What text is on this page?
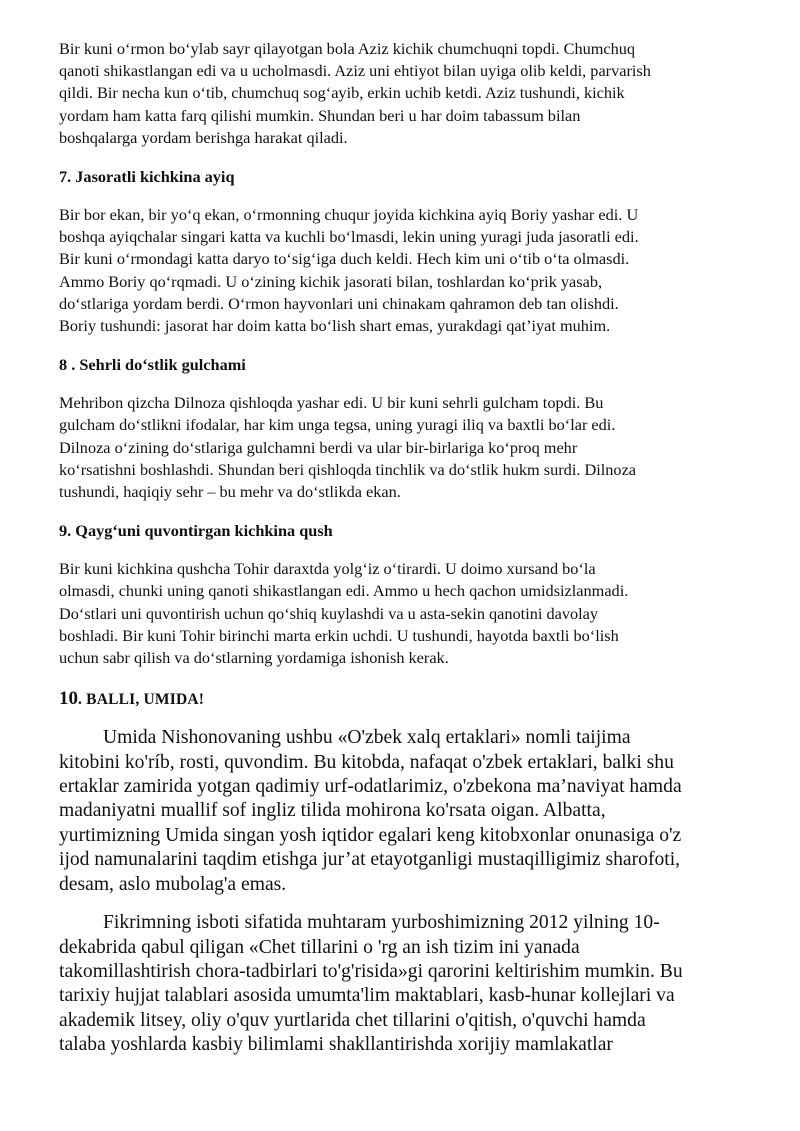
Bir kuni o‘rmon bo‘ylab sayr qilayotgan bola Aziz kichik chumchuqni topdi. Chumchuq
qanoti shikastlangan edi va u ucholmasdi. Aziz uni ehtiyot bilan uyiga olib keldi, parvarish
qildi. Bir necha kun o‘tib, chumchuq sog‘ayib, erkin uchib ketdi. Aziz tushundi, kichik
yordam ham katta farq qilishi mumkin. Shundan beri u har doim tabassum bilan
boshqalarga yordam berishga harakat qiladi.
7. Jasoratli kichkina ayiq
Bir bor ekan, bir yo‘q ekan, o‘rmonning chuqur joyida kichkina ayiq Boriy yashar edi. U
boshqa ayiqchalar singari katta va kuchli bo‘lmasdi, lekin uning yuragi juda jasoratli edi.
Bir kuni o‘rmondagi katta daryo to‘sig‘iga duch keldi. Hech kim uni o‘tib o‘ta olmasdi.
Ammo Boriy qo‘rqmadi. U o‘zining kichik jasorati bilan, toshlardan ko‘prik yasab,
do‘stlariga yordam berdi. O‘rmon hayvonlari uni chinakam qahramon deb tan olishdi.
Boriy tushundi: jasorat har doim katta bo‘lish shart emas, yurakdagi qat’iyat muhim.
8 . Sehrli do‘stlik gulchami
Mehribon qizcha Dilnoza qishloqda yashar edi. U bir kuni sehrli gulcham topdi. Bu
gulcham do‘stlikni ifodalar, har kim unga tegsa, uning yuragi iliq va baxtli bo‘lar edi.
Dilnoza o‘zining do‘stlariga gulchamni berdi va ular bir-birlariga ko‘proq mehr
ko‘rsatishni boshlashdi. Shundan beri qishloqda tinchlik va do‘stlik hukm surdi. Dilnoza
tushundi, haqiqiy sehr – bu mehr va do‘stlikda ekan.
9. Qayg‘uni quvontirgan kichkina qush
Bir kuni kichkina qushcha Tohir daraxtda yolg‘iz o‘tirardi. U doimo xursand bo‘la
olmasdi, chunki uning qanoti shikastlangan edi. Ammo u hech qachon umidsizlanmadi.
Do‘stlari uni quvontirish uchun qo‘shiq kuylashdi va u asta-sekin qanotini davolay
boshladi. Bir kuni Tohir birinchi marta erkin uchdi. U tushundi, hayotda baxtli bo‘lish
uchun sabr qilish va do‘stlarning yordamiga ishonish kerak.
10. BALLI, UMIDA!
Umida Nishonovaning ushbu «O'zbek xalq ertaklari» nomli taijima
kitobini ko'ríb, rosti, quvondim. Bu kitobda, nafaqat o'zbek ertaklari, balki shu
ertaklar zamirida yotgan qadimiy urf-odatlarimiz, o'zbekona ma’naviyat hamda
madaniyatni muallif sof ingliz tilida mohirona ko'rsata oigan. Albatta,
yurtimizning Umida singan yosh iqtidor egalari keng kitobxonlar onunasiga o'z
ijod namunalarini taqdim etishga jur’at etayotganligi mustaqilligimiz sharofoti,
desam, aslo mubolag'a emas.
Fikrimning isboti sifatida muhtaram yurboshimizning 2012 yilning 10-
dekabrida qabul qiligan «Chet tillarini o 'rg an ish tizim ini yanada
takomillashtirish chora-tadbirlari to'g'risida»gi qarorini keltirishim mumkin. Bu
tarixiy hujjat talablari asosida umumta'lim maktablari, kasb-hunar kollejlari va
akademik litsey, oliy o'quv yurtlarida chet tillarini o'qitish, o'quvchi hamda
talaba yoshlarda kasbiy bilimlami shakllantirishda xorijiy mamlakatlar
